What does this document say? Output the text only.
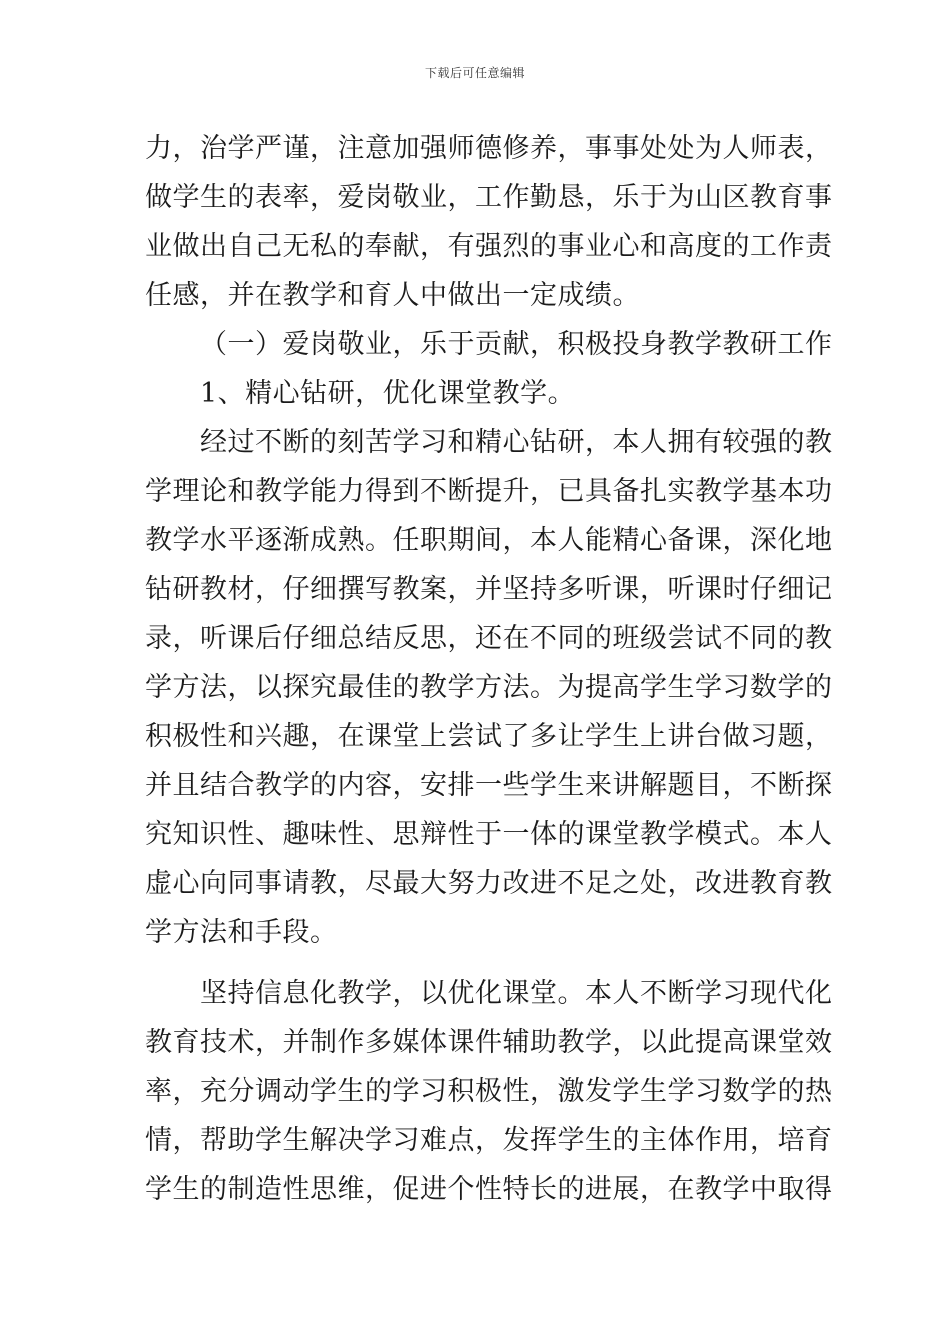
下载后可任意编辑
力，治学严谨，注意加强师德修养，事事处处为人师表，
做学生的表率，爱岗敬业，工作勤恳，乐于为山区教育事
业做出自己无私的奉献，有强烈的事业心和高度的工作责
任感，并在教学和育人中做出一定成绩。
（一）爱岗敬业，乐于贡献，积极投身教学教研工作
1、精心钻研，优化课堂教学。
经过不断的刻苦学习和精心钻研，本人拥有较强的教
学理论和教学能力得到不断提升，已具备扎实教学基本功
教学水平逐渐成熟。任职期间，本人能精心备课，深化地
钻研教材，仔细撰写教案，并坚持多听课，听课时仔细记
录，听课后仔细总结反思，还在不同的班级尝试不同的教
学方法，以探究最佳的教学方法。为提高学生学习数学的
积极性和兴趣，在课堂上尝试了多让学生上讲台做习题，
并且结合教学的内容，安排一些学生来讲解题目，不断探
究知识性、趣味性、思辩性于一体的课堂教学模式。本人
虚心向同事请教，尽最大努力改进不足之处，改进教育教
学方法和手段。
坚持信息化教学，以优化课堂。本人不断学习现代化
教育技术，并制作多媒体课件辅助教学，以此提高课堂效
率，充分调动学生的学习积极性，激发学生学习数学的热
情，帮助学生解决学习难点，发挥学生的主体作用，培育
学生的制造性思维，促进个性特长的进展，在教学中取得
